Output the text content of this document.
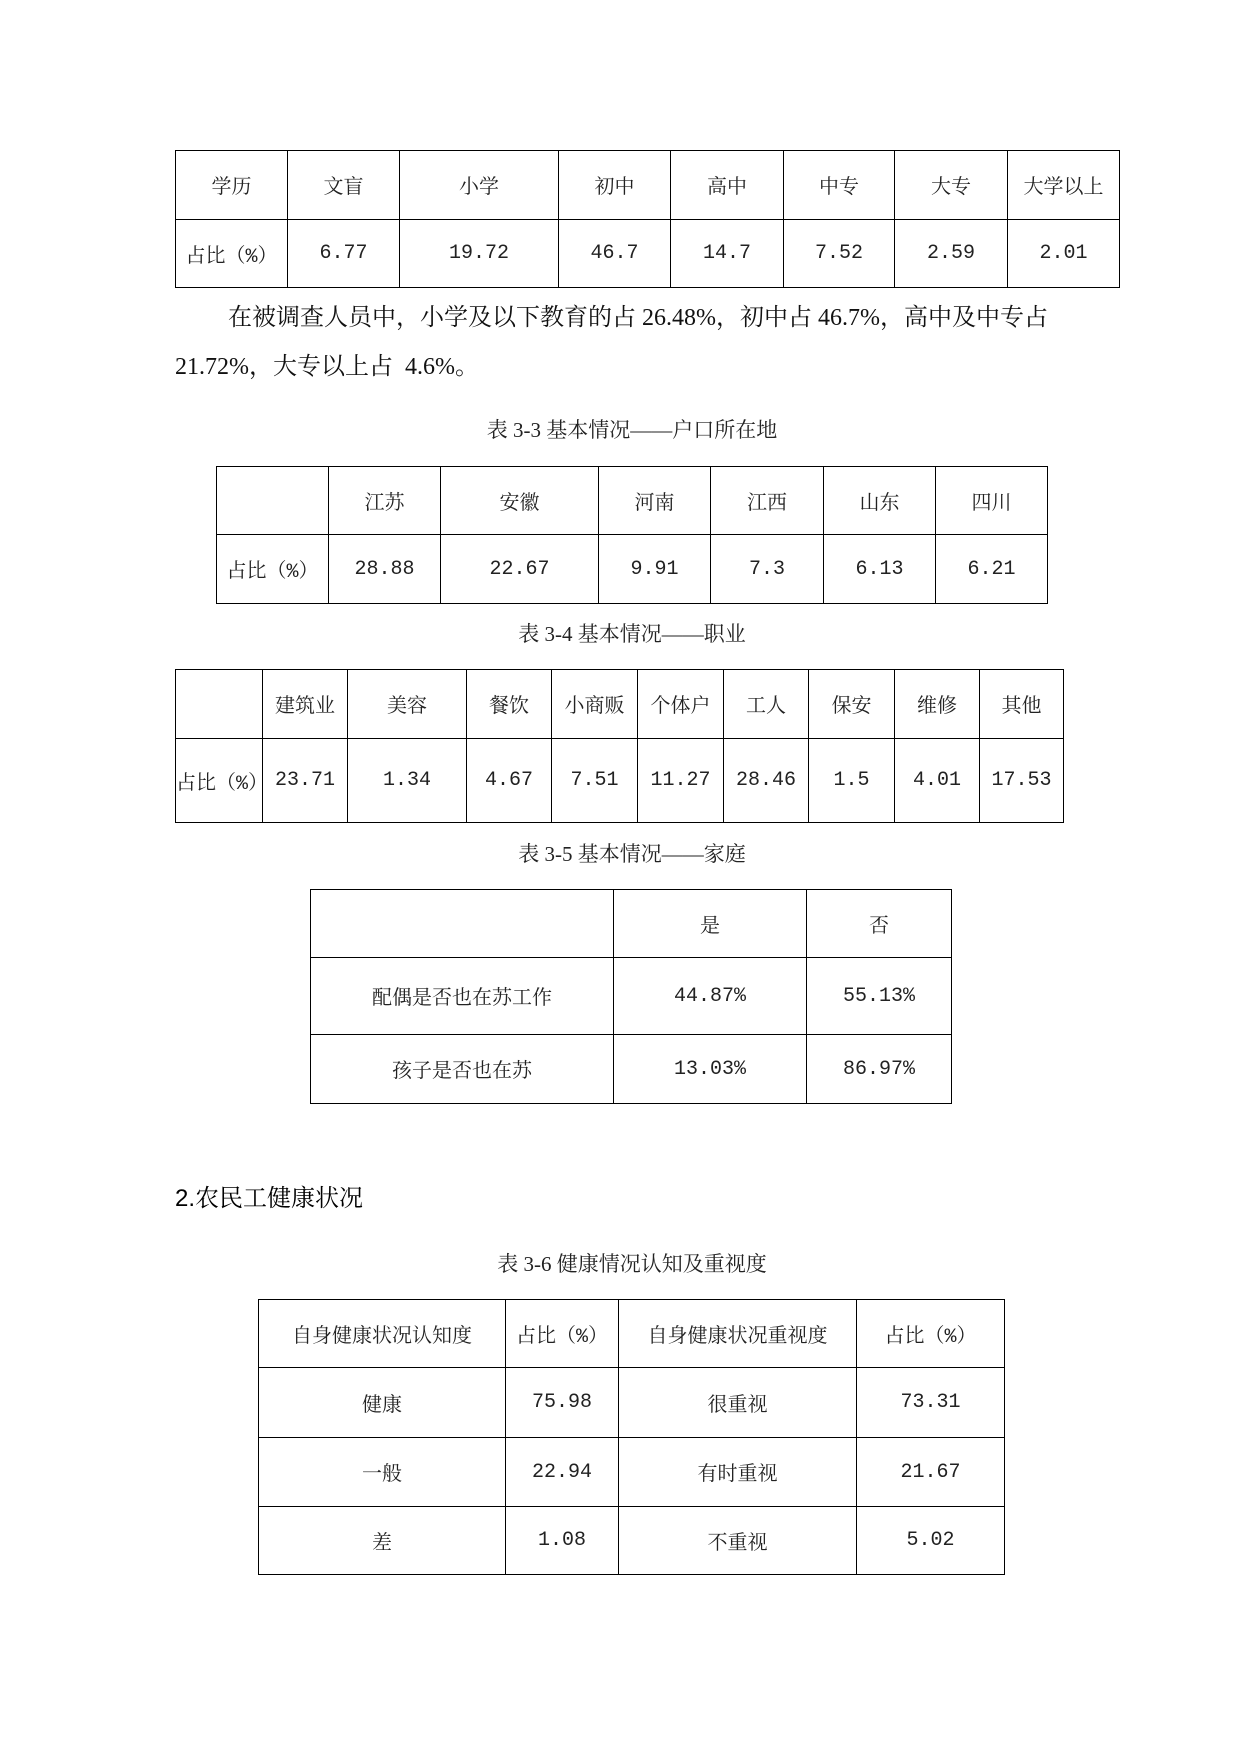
在被调查人员中，小学及以下教育的占 26.48%，初中占 46.7%，高中及中专占
21.72%，大专以上占  4.6%。
表 3-3 基本情况——户口所在地
表 3-4 基本情况——职业
表 3-5 基本情况——家庭
2.农民工健康状况
表 3-6 健康情况认知及重视度
学历	文盲	小学	初中	高中	中专	大专	大学以上
占比（%）	6.77	19.72	46.7	14.7	7.52	2.59	2.01
	江苏	安徽	河南	江西	山东	四川
占比（%）	28.88	22.67	9.91	7.3	6.13	6.21
	建筑业	美容	餐饮	小商贩	个体户	工人	保安	维修	其他
占比（%）	23.71	1.34	4.67	7.51	11.27	28.46	1.5	4.01	17.53
	是	否
配偶是否也在苏工作	44.87%	55.13%
孩子是否也在苏	13.03%	86.97%
自身健康状况认知度	占比（%）	自身健康状况重视度	占比（%）
健康	75.98	很重视	73.31
一般	22.94	有时重视	21.67
差	1.08	不重视	5.02
